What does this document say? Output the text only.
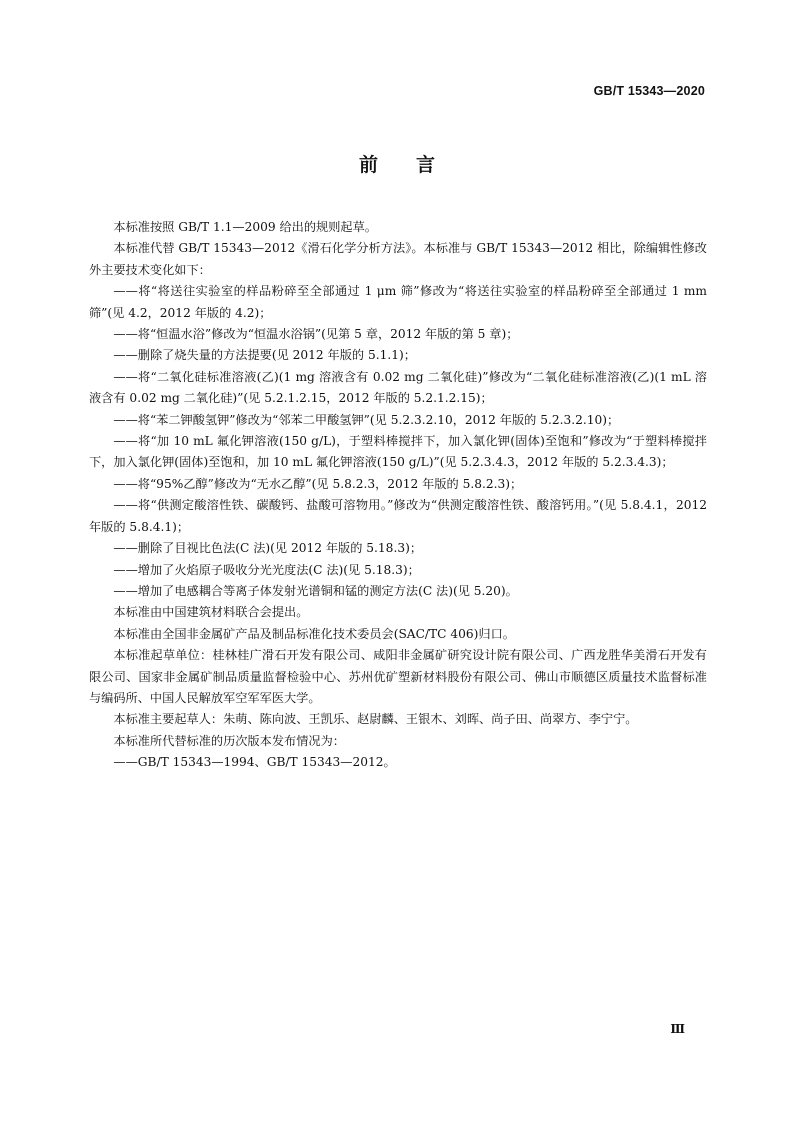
GB/T 15343—2020
前言

本标准按照 GB/T 1.1—2009 给出的规则起草。

本标准代替 GB/T 15343—2012《滑石化学分析方法》。本标准与 GB/T 15343—2012 相比，除编辑性修改外主要技术变化如下：

——将“将送往实验室的样品粉碎至全部通过 1 μm 筛”修改为“将送往实验室的样品粉碎至全部通过 1 mm 筛”(见 4.2，2012 年版的 4.2)；

——将“恒温水浴”修改为“恒温水浴锅”(见第 5 章，2012 年版的第 5 章)；

——删除了烧失量的方法提要(见 2012 年版的 5.1.1)；

——将“二氧化硅标准溶液(乙)(1 mg 溶液含有 0.02 mg 二氧化硅)”修改为“二氧化硅标准溶液(乙)(1 mL 溶液含有 0.02 mg 二氧化硅)”(见 5.2.1.2.15，2012 年版的 5.2.1.2.15)；

——将“苯二钾酸氢钾”修改为“邻苯二甲酸氢钾”(见 5.2.3.2.10，2012 年版的 5.2.3.2.10)；

——将“加 10 mL 氟化钾溶液(150 g/L)，于塑料棒搅拌下，加入氯化钾(固体)至饱和”修改为“于塑料棒搅拌下，加入氯化钾(固体)至饱和，加 10 mL 氟化钾溶液(150 g/L)”(见 5.2.3.4.3，2012 年版的 5.2.3.4.3)；

——将“95%乙醇”修改为“无水乙醇”(见 5.8.2.3，2012 年版的 5.8.2.3)；

——将“供测定酸溶性铁、碳酸钙、盐酸可溶物用。”修改为“供测定酸溶性铁、酸溶钙用。”(见 5.8.4.1，2012 年版的 5.8.4.1)；

——删除了目视比色法(C 法)(见 2012 年版的 5.18.3)；

——增加了火焰原子吸收分光光度法(C 法)(见 5.18.3)；

——增加了电感耦合等离子体发射光谱铜和锰的测定方法(C 法)(见 5.20)。

本标准由中国建筑材料联合会提出。

本标准由全国非金属矿产品及制品标准化技术委员会(SAC/TC 406)归口。

本标准起草单位：桂林桂广滑石开发有限公司、咸阳非金属矿研究设计院有限公司、广西龙胜华美滑石开发有限公司、国家非金属矿制品质量监督检验中心、苏州优矿塑新材料股份有限公司、佛山市顺德区质量技术监督标准与编码所、中国人民解放军空军军医大学。

本标准主要起草人：朱萌、陈向波、王凯乐、赵尉麟、王银木、刘晖、尚子田、尚翠方、李宁宁。

本标准所代替标准的历次版本发布情况为：

——GB/T 15343—1994、GB/T 15343—2012。

Ⅲ
